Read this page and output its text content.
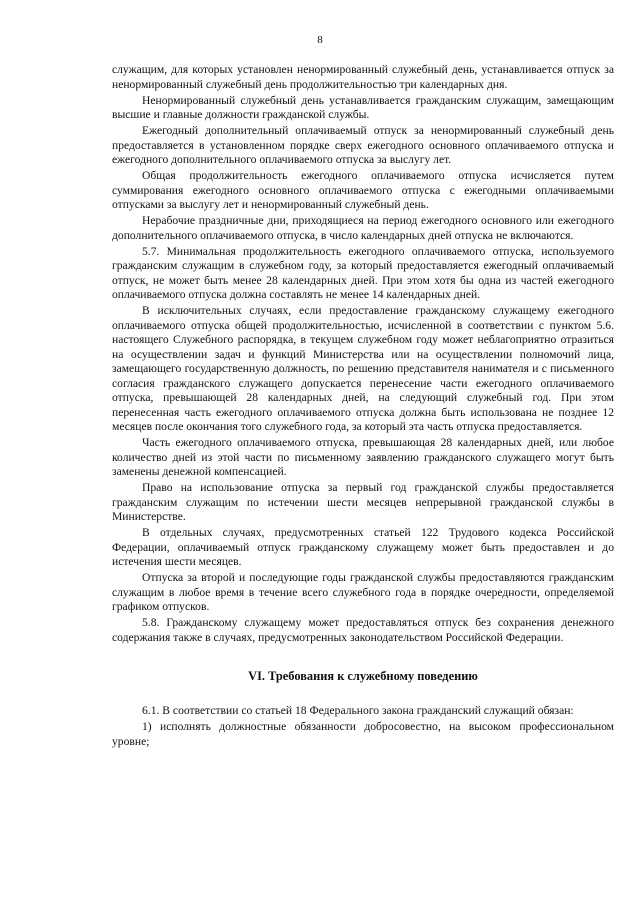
8

служащим, для которых установлен ненормированный служебный день, устанавливается отпуск за ненормированный служебный день продолжительностью три календарных дня.

Ненормированный служебный день устанавливается гражданским служащим, замещающим высшие и главные должности гражданской службы.

Ежегодный дополнительный оплачиваемый отпуск за ненормированный служебный день предоставляется в установленном порядке сверх ежегодного основного оплачиваемого отпуска и ежегодного дополнительного оплачиваемого отпуска за выслугу лет.

Общая продолжительность ежегодного оплачиваемого отпуска исчисляется путем суммирования ежегодного основного оплачиваемого отпуска с ежегодными оплачиваемыми отпусками за выслугу лет и ненормированный служебный день.

Нерабочие праздничные дни, приходящиеся на период ежегодного основного или ежегодного дополнительного оплачиваемого отпуска, в число календарных дней отпуска не включаются.

5.7. Минимальная продолжительность ежегодного оплачиваемого отпуска, используемого гражданским служащим в служебном году, за который предоставляется ежегодный оплачиваемый отпуск, не может быть менее 28 календарных дней. При этом хотя бы одна из частей ежегодного оплачиваемого отпуска должна составлять не менее 14 календарных дней.

В исключительных случаях, если предоставление гражданскому служащему ежегодного оплачиваемого отпуска общей продолжительностью, исчисленной в соответствии с пунктом 5.6. настоящего Служебного распорядка, в текущем служебном году может неблагоприятно отразиться на осуществлении задач и функций Министерства или на осуществлении полномочий лица, замещающего государственную должность, по решению представителя нанимателя и с письменного согласия гражданского служащего допускается перенесение части ежегодного оплачиваемого отпуска, превышающей 28 календарных дней, на следующий служебный год. При этом перенесенная часть ежегодного оплачиваемого отпуска должна быть использована не позднее 12 месяцев после окончания того служебного года, за который эта часть отпуска предоставляется.

Часть ежегодного оплачиваемого отпуска, превышающая 28 календарных дней, или любое количество дней из этой части по письменному заявлению гражданского служащего могут быть заменены денежной компенсацией.

Право на использование отпуска за первый год гражданской службы предоставляется гражданским служащим по истечении шести месяцев непрерывной гражданской службы в Министерстве.

В отдельных случаях, предусмотренных статьей 122 Трудового кодекса Российской Федерации, оплачиваемый отпуск гражданскому служащему может быть предоставлен и до истечения шести месяцев.

Отпуска за второй и последующие годы гражданской службы предоставляются гражданским служащим в любое время в течение всего служебного года в порядке очередности, определяемой графиком отпусков.

5.8. Гражданскому служащему может предоставляться отпуск без сохранения денежного содержания также в случаях, предусмотренных законодательством Российской Федерации.

VI. Требования к служебному поведению

6.1. В соответствии со статьей 18 Федерального закона гражданский служащий обязан:

1) исполнять должностные обязанности добросовестно, на высоком профессиональном уровне;
